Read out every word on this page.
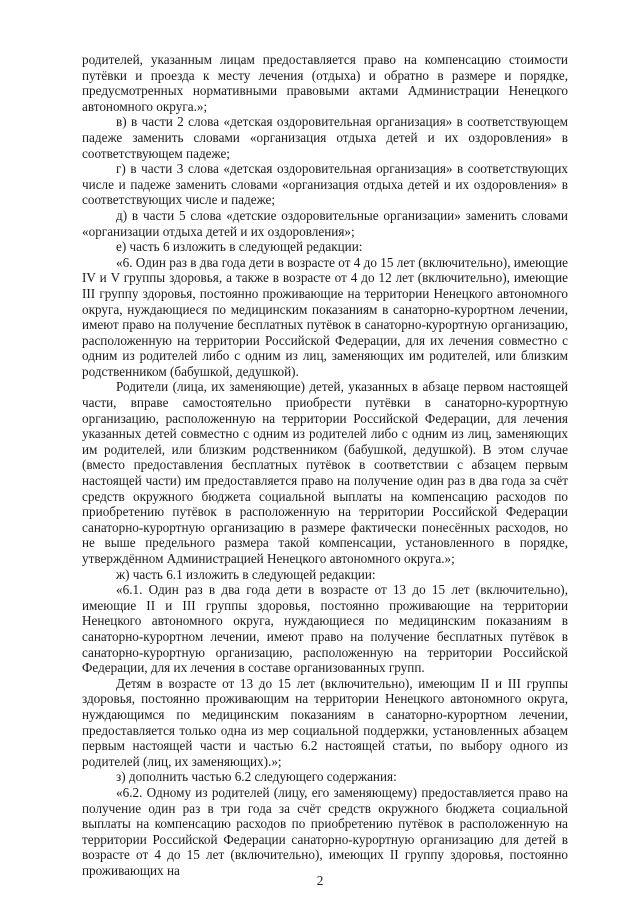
родителей, указанным лицам предоставляется право на компенсацию стоимости путёвки и проезда к месту лечения (отдыха) и обратно в размере и порядке, предусмотренных нормативными правовыми актами Администрации Ненецкого автономного округа.»;

в) в части 2 слова «детская оздоровительная организация» в соответствующем падеже заменить словами «организация отдыха детей и их оздоровления» в соответствующем падеже;

г) в части 3 слова «детская оздоровительная организация» в соответствующих числе и падеже заменить словами «организация отдыха детей и их оздоровления» в соответствующих числе и падеже;

д) в части 5 слова «детские оздоровительные организации» заменить словами «организации отдыха детей и их оздоровления»;

е) часть 6 изложить в следующей редакции:

«6. Один раз в два года дети в возрасте от 4 до 15 лет (включительно), имеющие IV и V группы здоровья, а также в возрасте от 4 до 12 лет (включительно), имеющие III группу здоровья, постоянно проживающие на территории Ненецкого автономного округа, нуждающиеся по медицинским показаниям в санаторно-курортном лечении, имеют право на получение бесплатных путёвок в санаторно-курортную организацию, расположенную на территории Российской Федерации, для их лечения совместно с одним из родителей либо с одним из лиц, заменяющих им родителей, или близким родственником (бабушкой, дедушкой).

Родители (лица, их заменяющие) детей, указанных в абзаце первом настоящей части, вправе самостоятельно приобрести путёвки в санаторно-курортную организацию, расположенную на территории Российской Федерации, для лечения указанных детей совместно с одним из родителей либо с одним из лиц, заменяющих им родителей, или близким родственником (бабушкой, дедушкой). В этом случае (вместо предоставления бесплатных путёвок в соответствии с абзацем первым настоящей части) им предоставляется право на получение один раз в два года за счёт средств окружного бюджета социальной выплаты на компенсацию расходов по приобретению путёвок в расположенную на территории Российской Федерации санаторно-курортную организацию в размере фактически понесённых расходов, но не выше предельного размера такой компенсации, установленного в порядке, утверждённом Администрацией Ненецкого автономного округа.»;

ж) часть 6.1 изложить в следующей редакции:

«6.1. Один раз в два года дети в возрасте от 13 до 15 лет (включительно), имеющие II и III группы здоровья, постоянно проживающие на территории Ненецкого автономного округа, нуждающиеся по медицинским показаниям в санаторно-курортном лечении, имеют право на получение бесплатных путёвок в санаторно-курортную организацию, расположенную на территории Российской Федерации, для их лечения в составе организованных групп.

Детям в возрасте от 13 до 15 лет (включительно), имеющим II и III группы здоровья, постоянно проживающим на территории Ненецкого автономного округа, нуждающимся по медицинским показаниям в санаторно-курортном лечении, предоставляется только одна из мер социальной поддержки, установленных абзацем первым настоящей части и частью 6.2 настоящей статьи, по выбору одного из родителей (лиц, их заменяющих).»;

з) дополнить частью 6.2 следующего содержания:

«6.2. Одному из родителей (лицу, его заменяющему) предоставляется право на получение один раз в три года за счёт средств окружного бюджета социальной выплаты на компенсацию расходов по приобретению путёвок в расположенную на территории Российской Федерации санаторно-курортную организацию для детей в возрасте от 4 до 15 лет (включительно), имеющих II группу здоровья, постоянно проживающих на

2
